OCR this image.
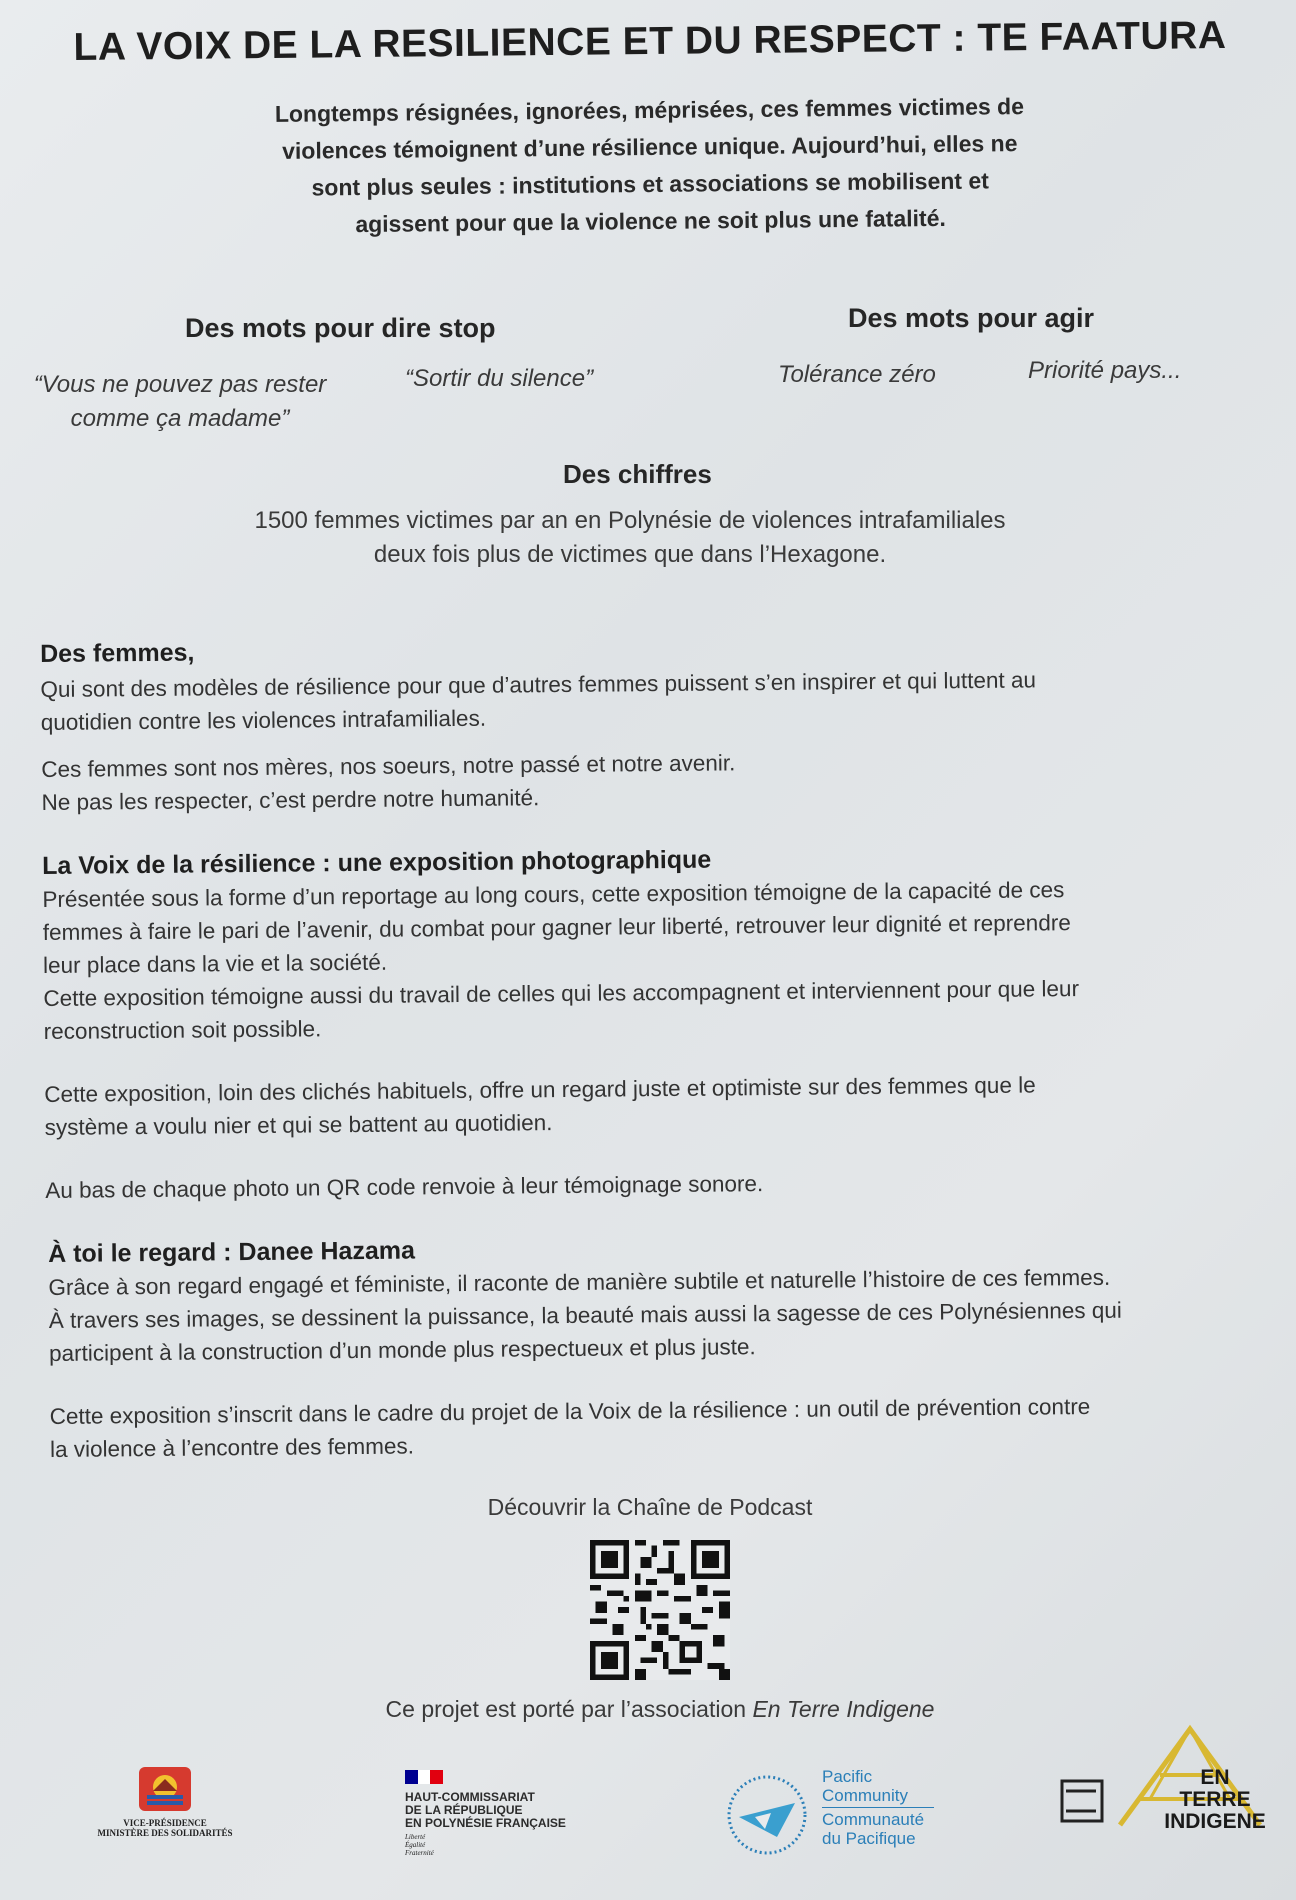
LA VOIX DE LA RESILIENCE ET DU RESPECT : TE FAATURA
Longtemps résignées, ignorées, méprisées, ces femmes victimes de
violences témoignent d’une résilience unique. Aujourd’hui, elles ne
sont plus seules : institutions et associations se mobilisent et
agissent pour que la violence ne soit plus une fatalité.
Des mots pour dire stop
“Vous ne pouvez pas rester
comme ça madame”
“Sortir du silence”
Des mots pour agir
Tolérance zéro	Priorité pays...
Des chiffres
1500 femmes victimes par an en Polynésie de violences intrafamiliales
deux fois plus de victimes que dans l’Hexagone.
Des femmes,
Qui sont des modèles de résilience pour que d’autres femmes puissent s’en inspirer et qui luttent au
quotidien contre les violences intrafamiliales.
Ces femmes sont nos mères, nos soeurs, notre passé et notre avenir.
Ne pas les respecter, c’est perdre notre humanité.
La Voix de la résilience : une exposition photographique
Présentée sous la forme d’un reportage au long cours, cette exposition témoigne de la capacité de ces
femmes à faire le pari de l’avenir, du combat pour gagner leur liberté, retrouver leur dignité et reprendre
leur place dans la vie et la société.
Cette exposition témoigne aussi du travail de celles qui les accompagnent et interviennent pour que leur
reconstruction soit possible.
Cette exposition, loin des clichés habituels, offre un regard juste et optimiste sur des femmes que le
système a voulu nier et qui se battent au quotidien.
Au bas de chaque photo un QR code renvoie à leur témoignage sonore.
À toi le regard : Danee Hazama
Grâce à son regard engagé et féministe, il raconte de manière subtile et naturelle l’histoire de ces femmes.
À travers ses images, se dessinent la puissance, la beauté mais aussi la sagesse de ces Polynésiennes qui
participent à la construction d’un monde plus respectueux et plus juste.
Cette exposition s’inscrit dans le cadre du projet de la Voix de la résilience : un outil de prévention contre
la violence à l’encontre des femmes.
Découvrir la Chaîne de Podcast
Ce projet est porté par l’association En Terre Indigene
VICE-PRÉSIDENCE
MINISTÈRE DES SOLIDARITÉS
HAUT-COMMISSARIAT
DE LA RÉPUBLIQUE
EN POLYNÉSIE FRANÇAISE
Liberté
Égalité
Fraternité
Pacific
Community
Communauté
du Pacifique
EN
TERRE
INDIGENE
